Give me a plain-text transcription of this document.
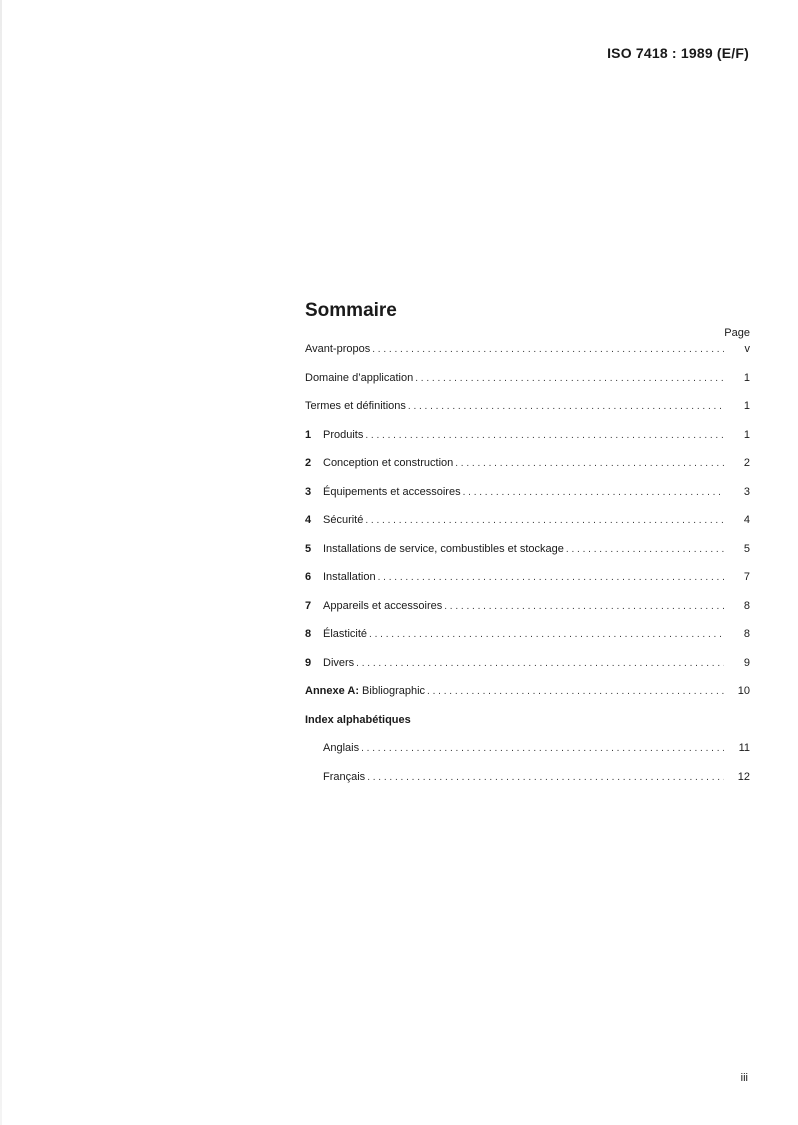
ISO 7418 : 1989 (E/F)
Sommaire
Page
Avant-propos . . .	v
Domaine d’application . . .	1
Termes et définitions . . .	1
1	Produits . . .	1
2	Conception et construction . . .	2
3	Équipements et accessoires . . .	3
4	Sécurité . . .	4
5	Installations de service, combustibles et stockage . . .	5
6	Installation . . .	7
7	Appareils et accessoires . . .	8
8	Élasticité . . .	8
9	Divers . . .	9
Annexe A: Bibliographic . . .	10
Index alphabétiques
Anglais . . .	11
Français . . .	12
iii
